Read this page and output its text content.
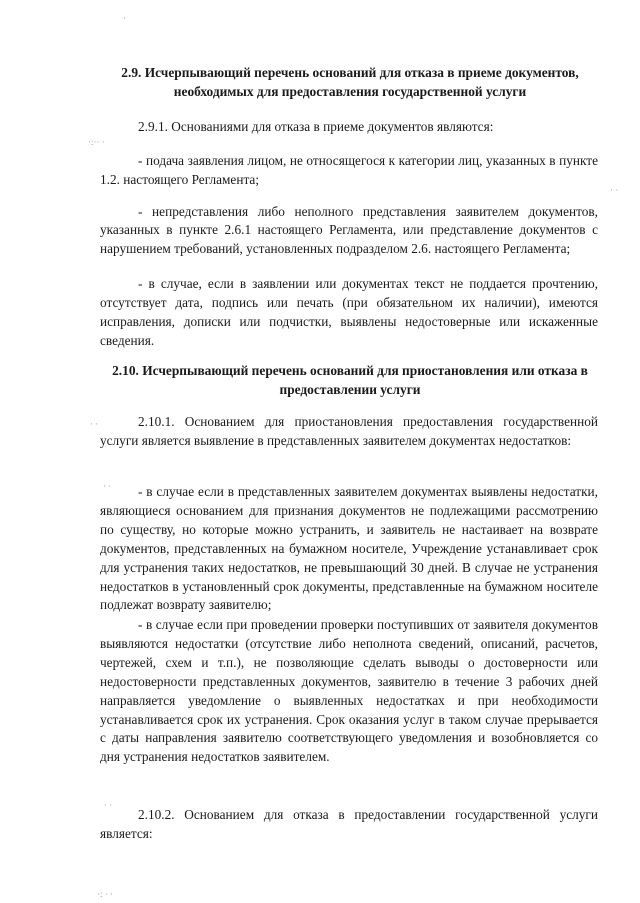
2.9. Исчерпывающий перечень оснований для отказа в приеме документов, необходимых для предоставления государственной услуги
2.9.1. Основаниями для отказа в приеме документов являются:
- подача заявления лицом, не относящегося к категории лиц, указанных в пункте 1.2. настоящего Регламента;
- непредставления либо неполного представления заявителем документов, указанных в пункте 2.6.1 настоящего Регламента, или представление документов с нарушением требований, установленных подразделом 2.6. настоящего Регламента;
- в случае, если в заявлении или документах текст не поддается прочтению, отсутствует дата, подпись или печать (при обязательном их наличии), имеются исправления, дописки или подчистки, выявлены недостоверные или искаженные сведения.
2.10. Исчерпывающий перечень оснований для приостановления или отказа в предоставлении услуги
2.10.1. Основанием для приостановления предоставления государственной услуги является выявление в представленных заявителем документах недостатков:
- в случае если в представленных заявителем документах выявлены недостатки, являющиеся основанием для признания документов не подлежащими рассмотрению по существу, но которые можно устранить, и заявитель не настаивает на возврате документов, представленных на бумажном носителе, Учреждение устанавливает срок для устранения таких недостатков, не превышающий 30 дней. В случае не устранения недостатков в установленный срок документы, представленные на бумажном носителе подлежат возврату заявителю;
- в случае если при проведении проверки поступивших от заявителя документов выявляются недостатки (отсутствие либо неполнота сведений, описаний, расчетов, чертежей, схем и т.п.), не позволяющие сделать выводы о достоверности или недостоверности представленных документов, заявителю в течение 3 рабочих дней направляется уведомление о выявленных недостатках и при необходимости устанавливается срок их устранения. Срок оказания услуг в таком случае прерывается с даты направления заявителю соответствующего уведомления и возобновляется со дня устранения недостатков заявителем.
2.10.2. Основанием для отказа в предоставлении государственной услуги является:
·
·:·· ·
· ·
· ·
· ·
· ·
·: · ·
